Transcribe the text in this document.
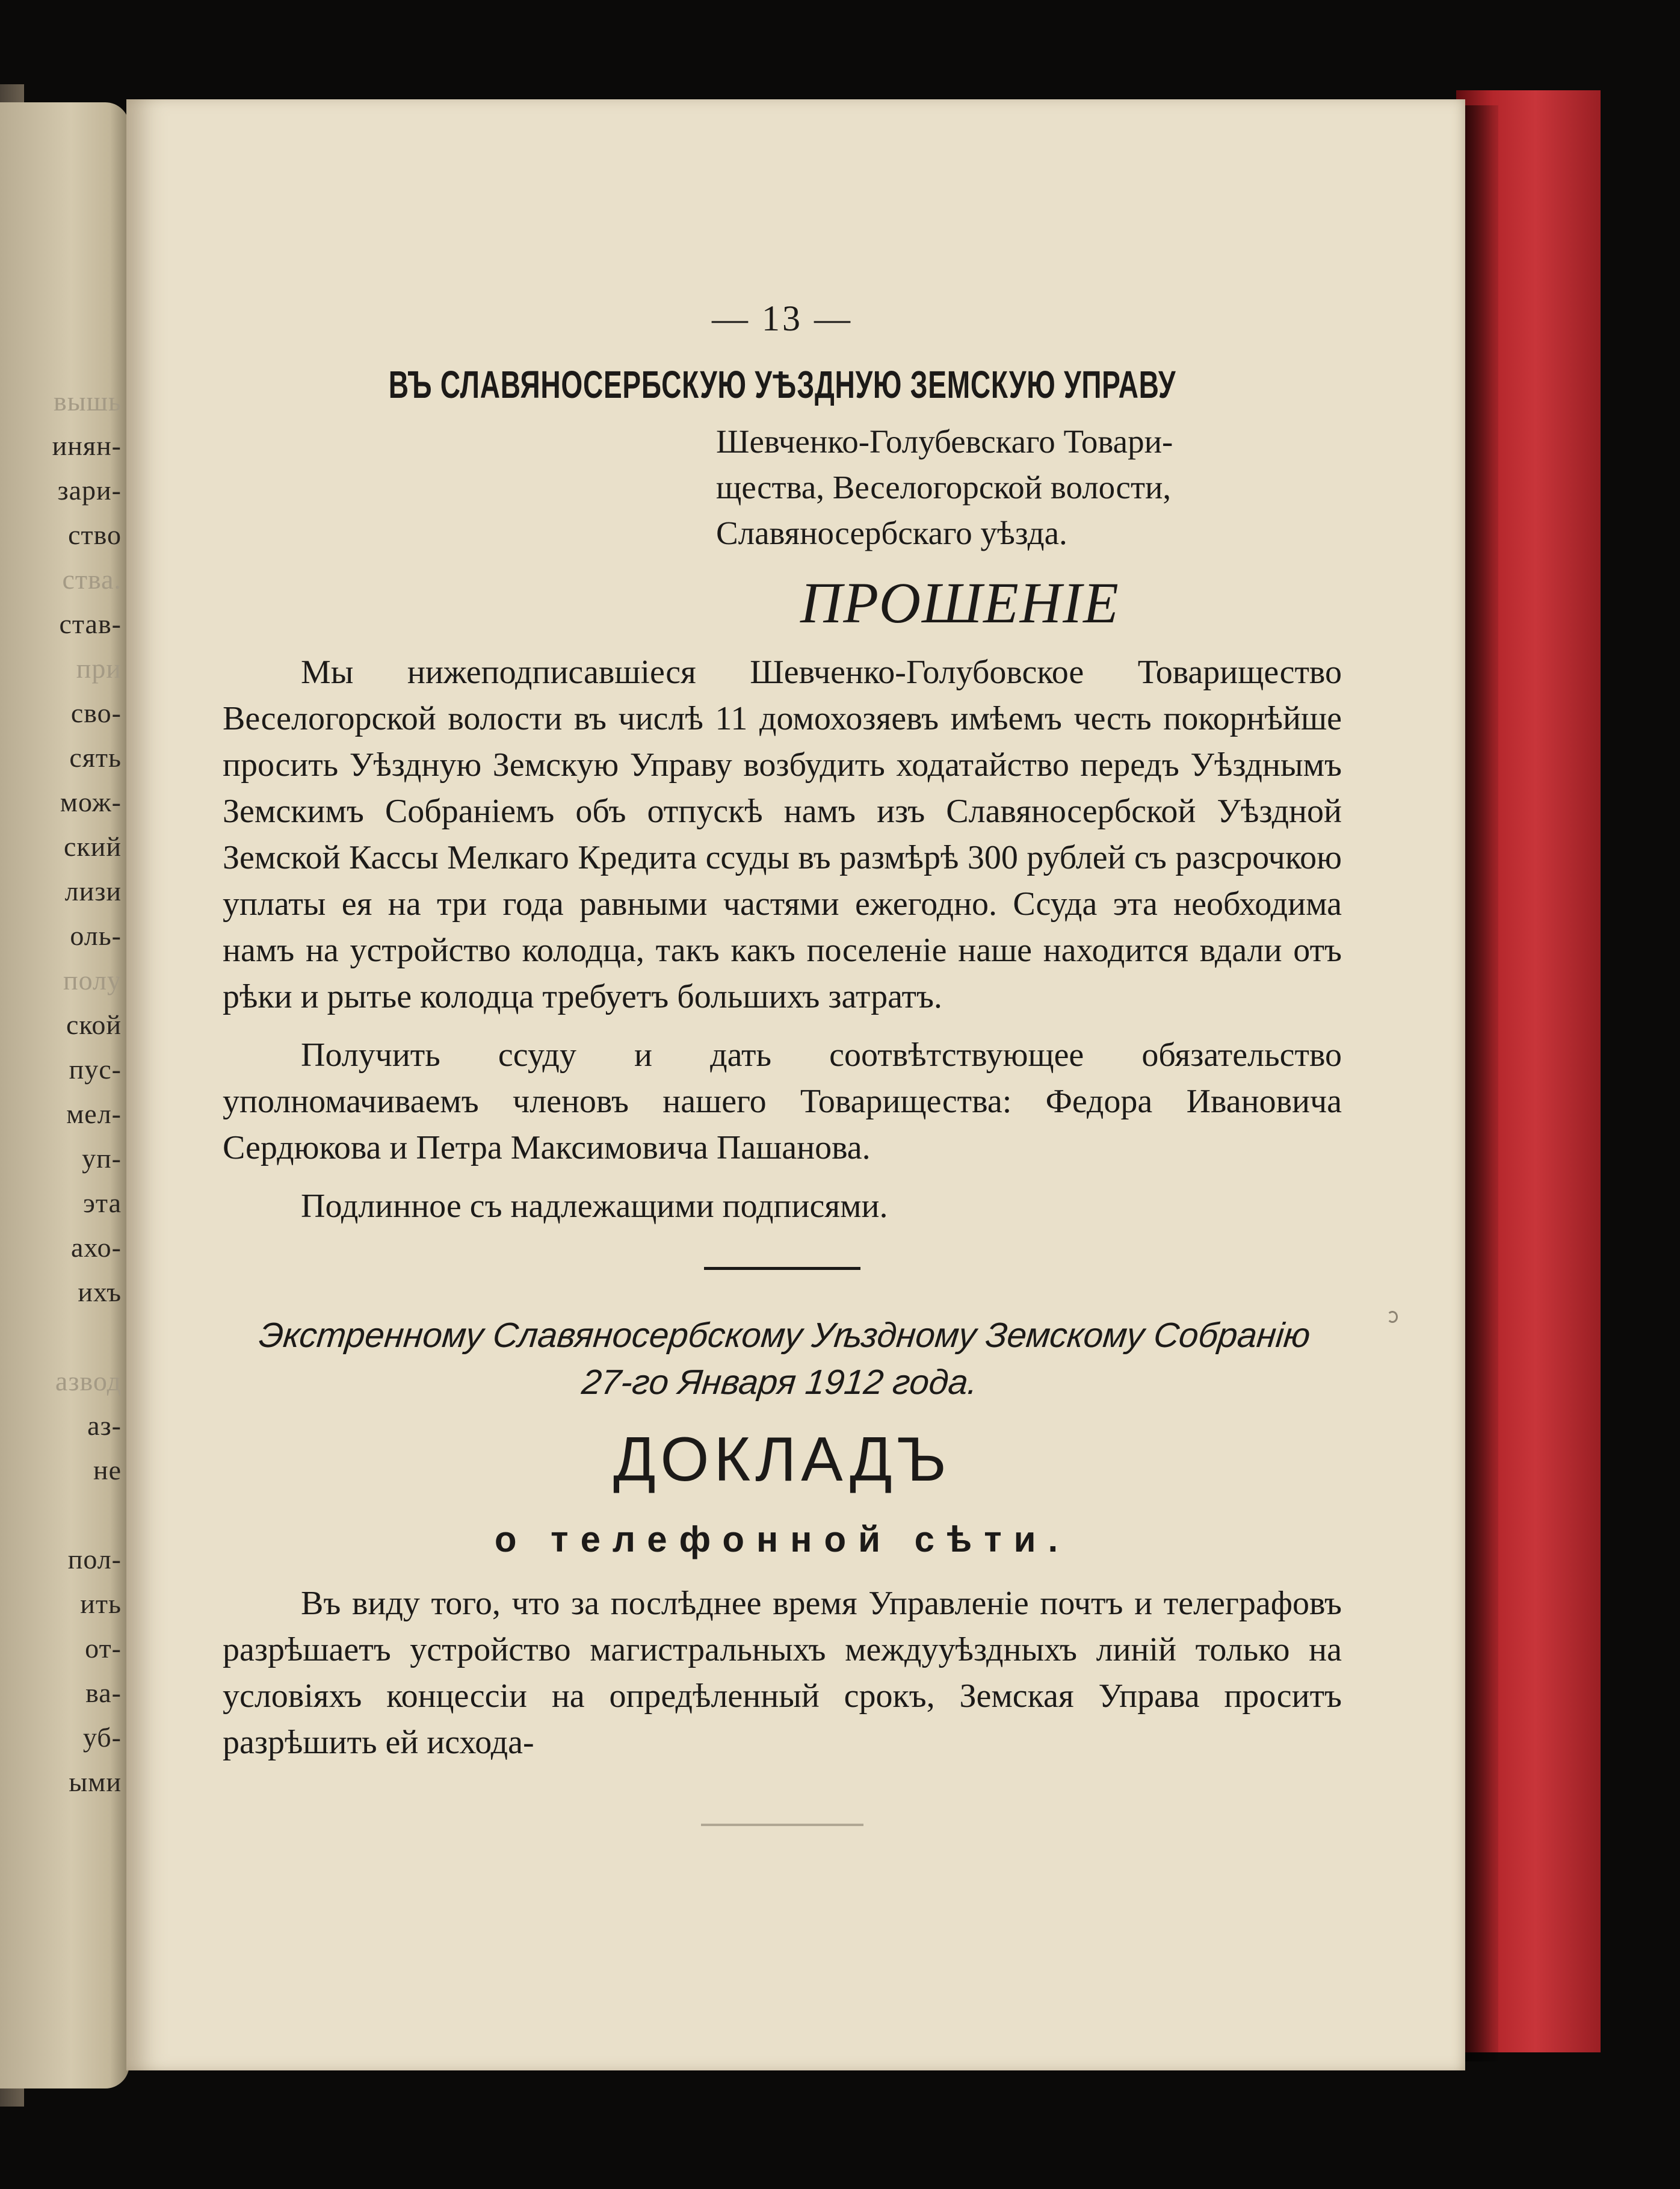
вышь
инян-
зари-
ство
ства.
став-
при
сво-
сять
мож-
ский
лизи
оль-
полу
ской
пус-
мел-
уп-
эта
ахо-
ихъ
азвод
аз-
не
пол-
ить
от-
ва-
уб-
ыми
— 13 —
ВЪ СЛАВЯНОСЕРБСКУЮ УѢЗДНУЮ ЗЕМСКУЮ УПРАВУ
Шевченко-Голубевскаго Товари-
щества, Веселогорской волости,
Славяносербскаго уѣзда.
ПРОШЕНІЕ

Мы нижеподписавшіеся Шевченко-Голубовское Товарищество Веселогорской волости въ числѣ 11 домохозяевъ имѣемъ честь покорнѣйше просить Уѣздную Земскую Управу возбудить ходатайство передъ Уѣзднымъ Земскимъ Собраніемъ объ отпускѣ намъ изъ Славяносербской Уѣздной Земской Кассы Мелкаго Кредита ссуды въ размѣрѣ 300 рублей съ разсрочкою уплаты ея на три года равными частями ежегодно. Ссуда эта необходима намъ на устройство колодца, такъ какъ поселеніе наше находится вдали отъ рѣки и рытье колодца требуетъ большихъ затратъ.

Получить ссуду и дать соотвѣтствующее обязательство уполномачиваемъ членовъ нашего Товарищества: Федора Ивановича Сердюкова и Петра Максимовича Пашанова.

Подлинное съ надлежащими подписями.

Экстренному Славяносербскому Уѣздному Земскому Собранію
27-го Января 1912 года.
ДОКЛАДЪ
о телефонной сѣти.

Въ виду того, что за послѣднее время Управленіе почтъ и телеграфовъ разрѣшаетъ устройство магистральныхъ междууѣздныхъ линій только на условіяхъ концессіи на опредѣленный срокъ, Земская Управа проситъ разрѣшить ей исхода-
